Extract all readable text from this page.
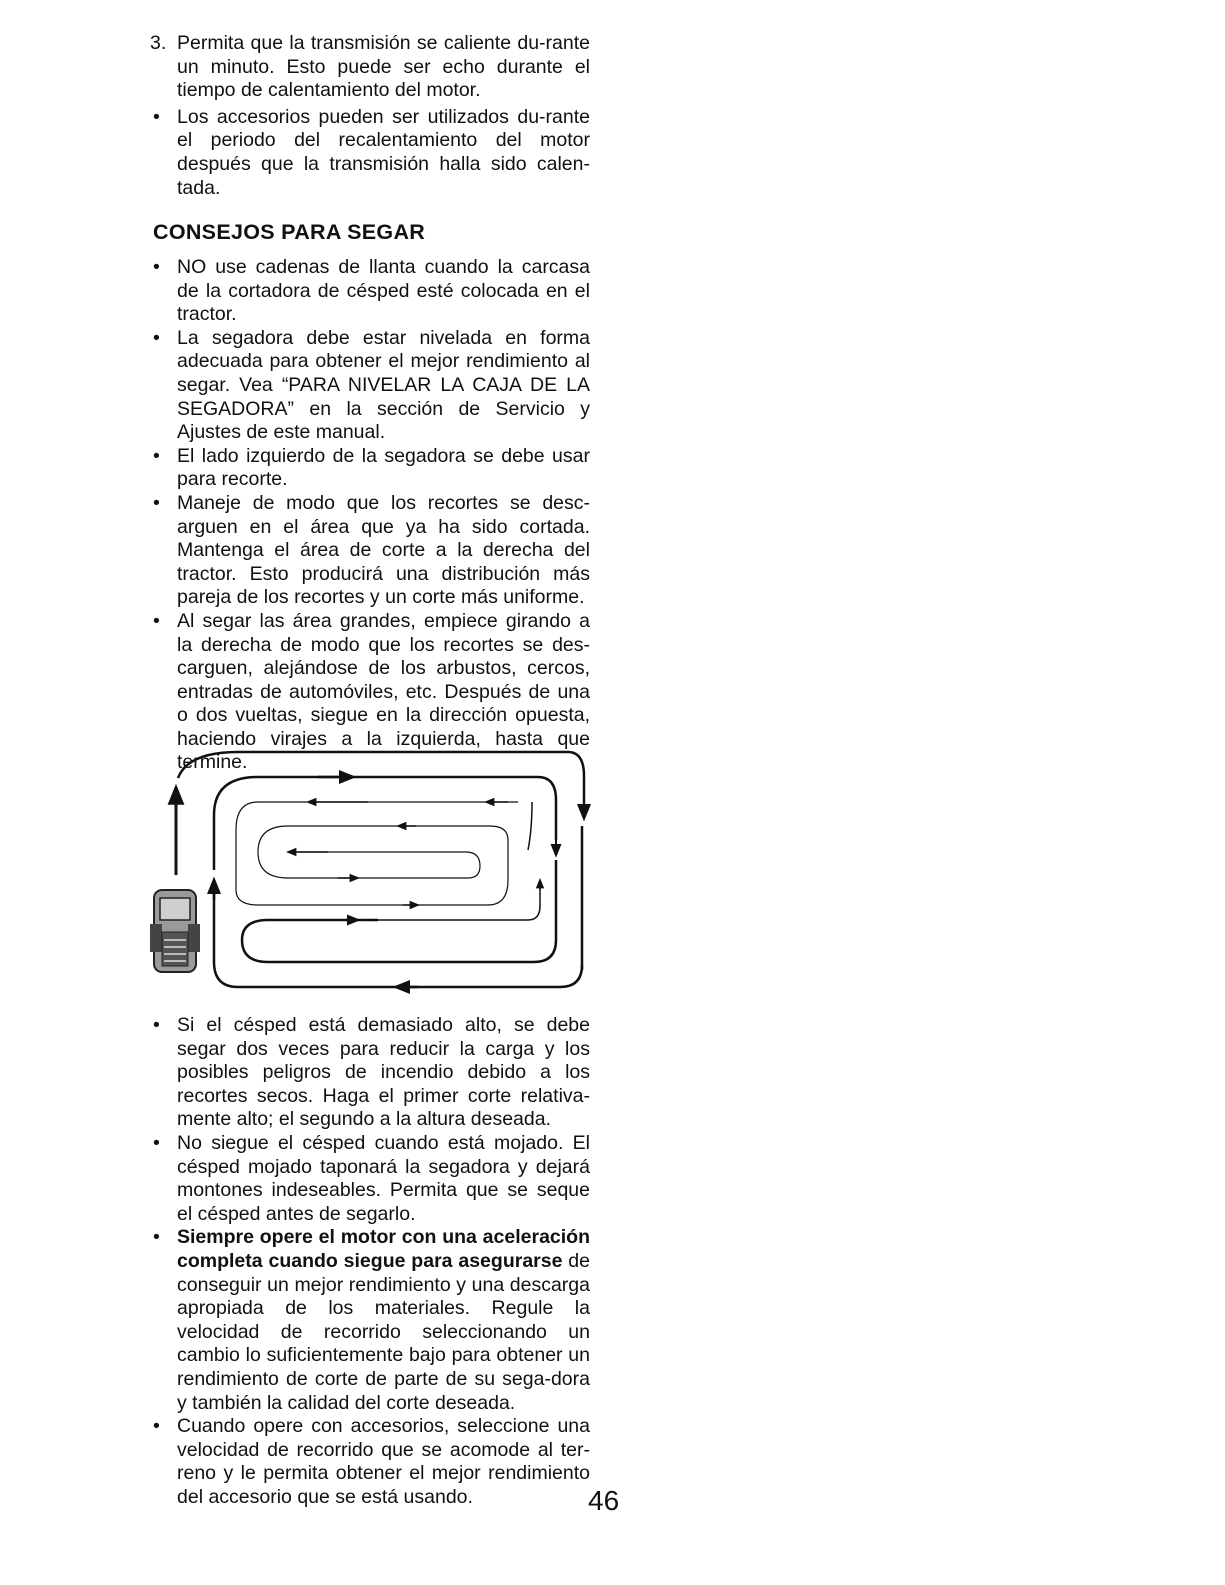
3. Permita que la transmisión se caliente du-rante un minuto. Esto puede ser echo durante el tiempo de calentamiento del motor.
• Los accesorios pueden ser utilizados du-rante el periodo del recalentamiento del motor después que la transmisión halla sido calen-tada.
CONSEJOS PARA SEGAR
• NO use cadenas de llanta cuando la carcasa de la cortadora de césped esté colocada en el tractor.
• La segadora debe estar nivelada en forma adecuada para obtener el mejor rendimiento al segar. Vea “PARA NIVELAR LA CAJA DE LA SEGADORA” en la sección de Servicio y Ajustes de este manual.
• El lado izquierdo de la segadora se debe usar para recorte.
• Maneje de modo que los recortes se desc-arguen en el área que ya ha sido cortada. Mantenga el área de corte a la derecha del tractor. Esto producirá una distribución más pareja de los recortes y un corte más uniforme.
• Al segar las área grandes, empiece girando a la derecha de modo que los recortes se des-carguen, alejándose de los arbustos, cercos, entradas de automóviles, etc. Después de una o dos vueltas, siegue en la dirección opuesta, haciendo virajes a la izquierda, hasta que termine.
• Si el césped está demasiado alto, se debe segar dos veces para reducir la carga y los posibles peligros de incendio debido a los recortes secos. Haga el primer corte relativa-mente alto; el segundo a la altura deseada.
• No siegue el césped cuando está mojado. El césped mojado taponará la segadora y dejará montones indeseables. Permita que se seque el césped antes de segarlo.
• Siempre opere el motor con una aceleración completa cuando siegue para asegurarse de conseguir un mejor rendimiento y una descarga apropiada de los materiales. Regule la velocidad de recorrido seleccionando un cambio lo suficientemente bajo para obtener un rendimiento de corte de parte de su sega-dora y también la calidad del corte deseada.
• Cuando opere con accesorios, seleccione una velocidad de recorrido que se acomode al ter-reno y le permita obtener el mejor rendimiento del accesorio que se está usando.	46
